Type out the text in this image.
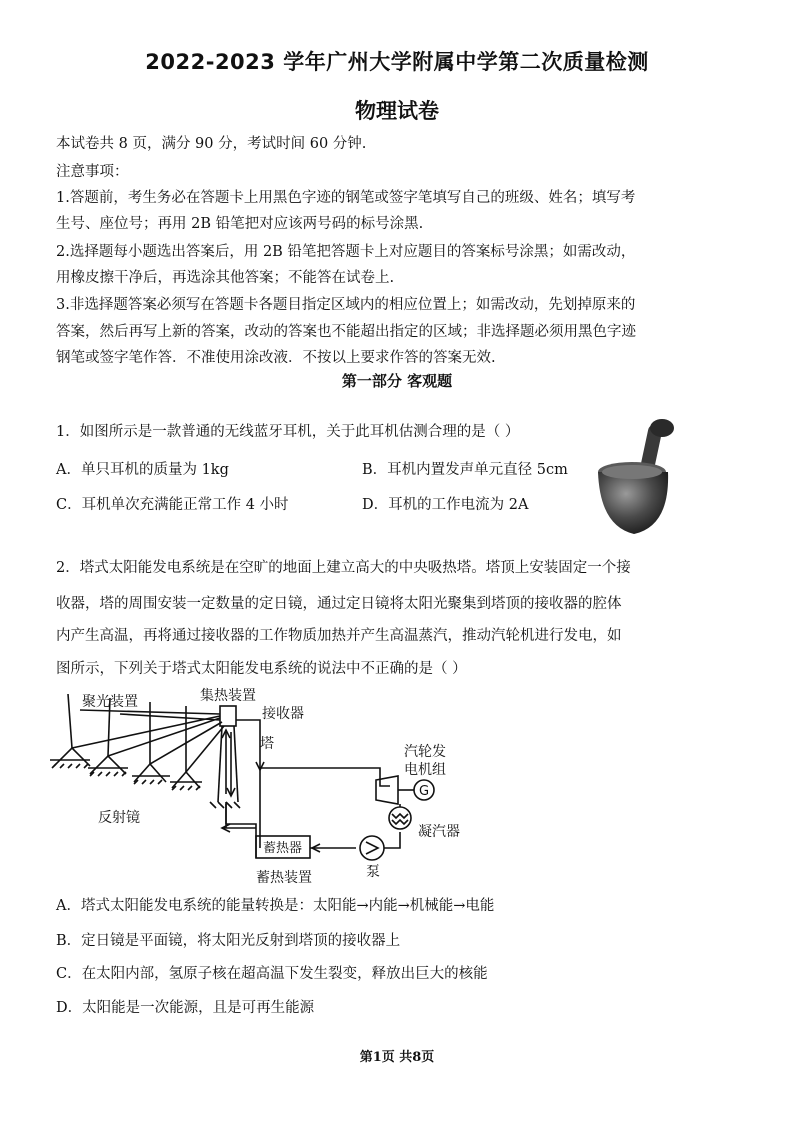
2022-2023 学年广州大学附属中学第二次质量检测
物理试卷
本试卷共 8 页，满分 90 分，考试时间 60 分钟.
注意事项：
1.答题前，考生务必在答题卡上用黑色字迹的钢笔或签字笔填写自己的班级、姓名；填写考
生号、座位号；再用 2B 铅笔把对应该两号码的标号涂黑.
2.选择题每小题选出答案后，用 2B 铅笔把答题卡上对应题目的答案标号涂黑；如需改动，
用橡皮擦干净后，再选涂其他答案；不能答在试卷上.
3.非选择题答案必须写在答题卡各题目指定区域内的相应位置上；如需改动，先划掉原来的
答案，然后再写上新的答案，改动的答案也不能超出指定的区域；非选择题必须用黑色字迹
钢笔或签字笔作答．不准使用涂改液．不按以上要求作答的答案无效.
第一部分 客观题
1．如图所示是一款普通的无线蓝牙耳机，关于此耳机估测合理的是（ ）
A．单只耳机的质量为 1kg	B．耳机内置发声单元直径 5cm
C．耳机单次充满能正常工作 4 小时	D．耳机的工作电流为 2A
2．塔式太阳能发电系统是在空旷的地面上建立高大的中央吸热塔。塔顶上安装固定一个接
收器，塔的周围安装一定数量的定日镜，通过定日镜将太阳光聚集到塔顶的接收器的腔体
内产生高温，再将通过接收器的工作物质加热并产生高温蒸汽，推动汽轮机进行发电，如
图所示，下列关于塔式太阳能发电系统的说法中不正确的是（ ）
聚光装置	集热装置
接收器
塔
反射镜
汽轮发
电机组
G
凝汽器
蓄热器
泵
蓄热装置
A．塔式太阳能发电系统的能量转换是：太阳能→内能→机械能→电能
B．定日镜是平面镜，将太阳光反射到塔顶的接收器上
C．在太阳内部，氢原子核在超高温下发生裂变，释放出巨大的核能
D．太阳能是一次能源，且是可再生能源
第1页 共8页
